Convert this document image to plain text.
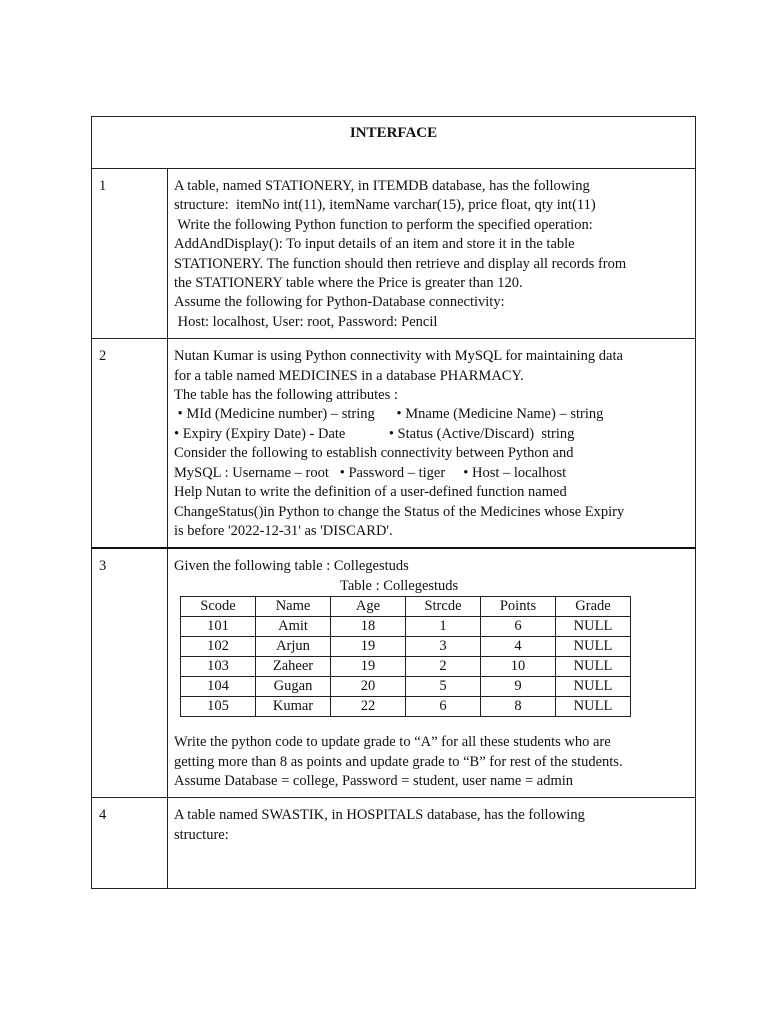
INTERFACE
1	A table, named STATIONERY, in ITEMDB database, has the following
structure:  itemNo int(11), itemName varchar(15), price float, qty int(11)
Write the following Python function to perform the specified operation:
AddAndDisplay(): To input details of an item and store it in the table
STATIONERY. The function should then retrieve and display all records from
the STATIONERY table where the Price is greater than 120.
Assume the following for Python-Database connectivity:
Host: localhost, User: root, Password: Pencil

2	Nutan Kumar is using Python connectivity with MySQL for maintaining data
for a table named MEDICINES in a database PHARMACY.
The table has the following attributes :
• MId (Medicine number) – string      • Mname (Medicine Name) – string
• Expiry (Expiry Date) - Date            • Status (Active/Discard)  string
Consider the following to establish connectivity between Python and
MySQL : Username – root   • Password – tiger     • Host – localhost
Help Nutan to write the definition of a user-defined function named
ChangeStatus()in Python to change the Status of the Medicines whose Expiry
is before '2022-12-31' as 'DISCARD'.

3	Given the following table : Collegestuds
Table : Collegestuds
Scode	Name	Age	Strcde	Points	Grade
101	Amit	18	1	6	NULL
102	Arjun	19	3	4	NULL
103	Zaheer	19	2	10	NULL
104	Gugan	20	5	9	NULL
105	Kumar	22	6	8	NULL
Write the python code to update grade to “A” for all these students who are
getting more than 8 as points and update grade to “B” for rest of the students.
Assume Database = college, Password = student, user name = admin

4	A table named SWASTIK, in HOSPITALS database, has the following
structure:
